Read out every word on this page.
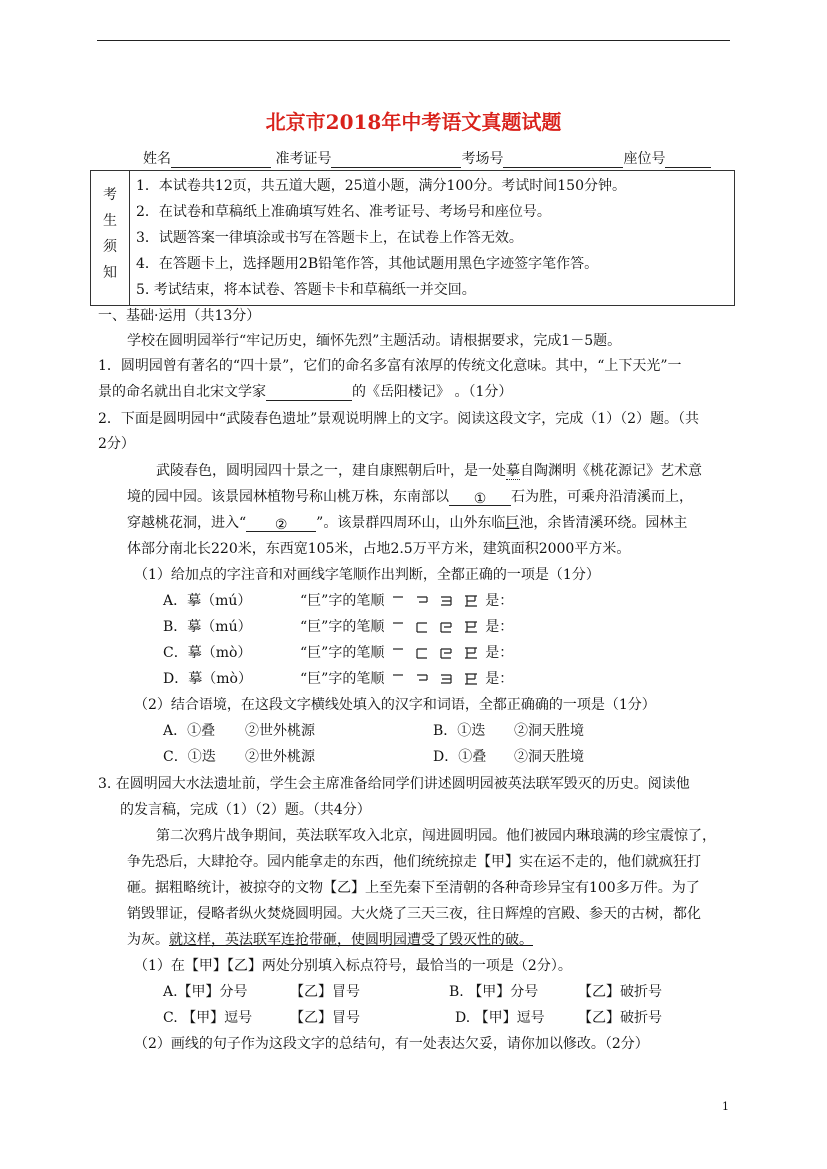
北京市2018年中考语文真题试题
姓名	准考证号	考场号	座位号
考
生
须
知

1．本试卷共12页，共五道大题，25道小题，满分100分。考试时间150分钟。
2．在试卷和草稿纸上准确填写姓名、准考证号、考场号和座位号。
3．试题答案一律填涂或书写在答题卡上，在试卷上作答无效。
4．在答题卡上，选择题用2B铅笔作答，其他试题用黑色字迹签字笔作答。
5. 考试结束，将本试卷、答题卡卡和草稿纸一并交回。
一、基础·运用（共13分）
学校在圆明园举行“牢记历史，缅怀先烈”主题活动。请根据要求，完成1－5题。
1．圆明园曾有著名的“四十景”，它们的命名多富有浓厚的传统文化意味。其中，“上下天光”一
景的命名就出自北宋文学家	的《岳阳楼记》 。（1分）
2．下面是圆明园中“武陵春色遗址”景观说明牌上的文字。阅读这段文字，完成（1）（2）题。（共
2分）
武陵春色，圆明园四十景之一，建自康熙朝后叶，是一处摹自陶渊明《桃花源记》艺术意
境的园中园。该景园林植物号称山桃万株，东南部以 ① 石为胜，可乘舟沿清溪而上，
穿越桃花洞，进入“ ② ”。该景群四周环山，山外东临巨池，余皆清溪环绕。园林主
体部分南北长220米，东西宽105米，占地2.5万平方米，建筑面积2000平方米。
（1）给加点的字注音和对画线字笔顺作出判断，全都正确的一项是（1分）
A．摹（mú）	“巨”字的笔顺	是：
B．摹（mú）	“巨”字的笔顺	是：
C．摹（mò）	“巨”字的笔顺	是：
D．摹（mò）	“巨”字的笔顺	是：
（2）结合语境，在这段文字横线处填入的汉字和词语，全都正确确的一项是（1分）
A．①叠 ②世外桃源	B．①迭 ②洞天胜境
C．①迭 ②世外桃源	D．①叠 ②洞天胜境
3. 在圆明园大水法遗址前，学生会主席准备给同学们讲述圆明园被英法联军毁灭的历史。阅读他
的发言稿，完成（1）（2）题。（共4分）
第二次鸦片战争期间，英法联军攻入北京，闯进圆明园。他们被园内琳琅满的珍宝震惊了，
争先恐后，大肆抢夺。园内能拿走的东西，他们统统掠走【甲】实在运不走的，他们就疯狂打
砸。据粗略统计，被掠夺的文物【乙】上至先秦下至清朝的各种奇珍异宝有100多万件。为了
销毁罪证，侵略者纵火焚烧圆明园。大火烧了三天三夜，往日辉煌的宫殿、参天的古树，都化
为灰。就这样，英法联军连抢带砸，使圆明园遭受了毁灭性的破。
（1）在【甲】【乙】两处分别填入标点符号，最恰当的一项是（2分）。
A.【甲】分号	【乙】冒号	B. 【甲】分号	【乙】破折号
C. 【甲】逗号	【乙】冒号	D. 【甲】逗号 【乙】破折号
（2）画线的句子作为这段文字的总结句，有一处表达欠妥，请你加以修改。（2分）
1
